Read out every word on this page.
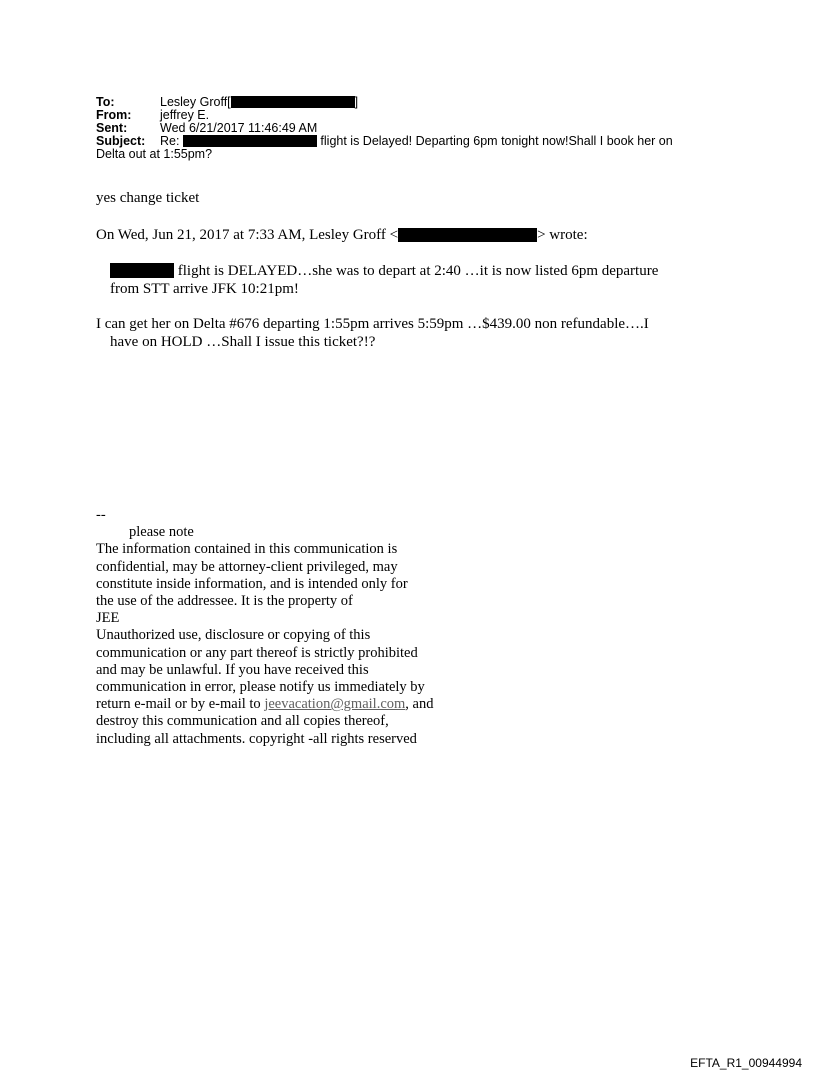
To:	Lesley Groff[	]
From: jeffrey E.
Sent:	Wed 6/21/2017 11:46:49 AM
Subject: Re:	flight is Delayed! Departing 6pm tonight now!Shall I book her on
Delta out at 1:55pm?
yes change ticket
On Wed, Jun 21, 2017 at 7:33 AM, Lesley Groff <	> wrote:
flight is DELAYED…she was to depart at 2:40 …it is now listed 6pm departure
from STT arrive JFK 10:21pm!
I can get her on Delta #676 departing 1:55pm arrives 5:59pm …$439.00 non refundable….I
have on HOLD …Shall I issue this ticket?!?
--
please note
The information contained in this communication is
confidential, may be attorney-client privileged, may
constitute inside information, and is intended only for
the use of the addressee. It is the property of
JEE
Unauthorized use, disclosure or copying of this
communication or any part thereof is strictly prohibited
and may be unlawful. If you have received this
communication in error, please notify us immediately by
return e-mail or by e-mail to jeevacation@gmail.com, and
destroy this communication and all copies thereof,
including all attachments. copyright -all rights reserved
EFTA_R1_00944994
